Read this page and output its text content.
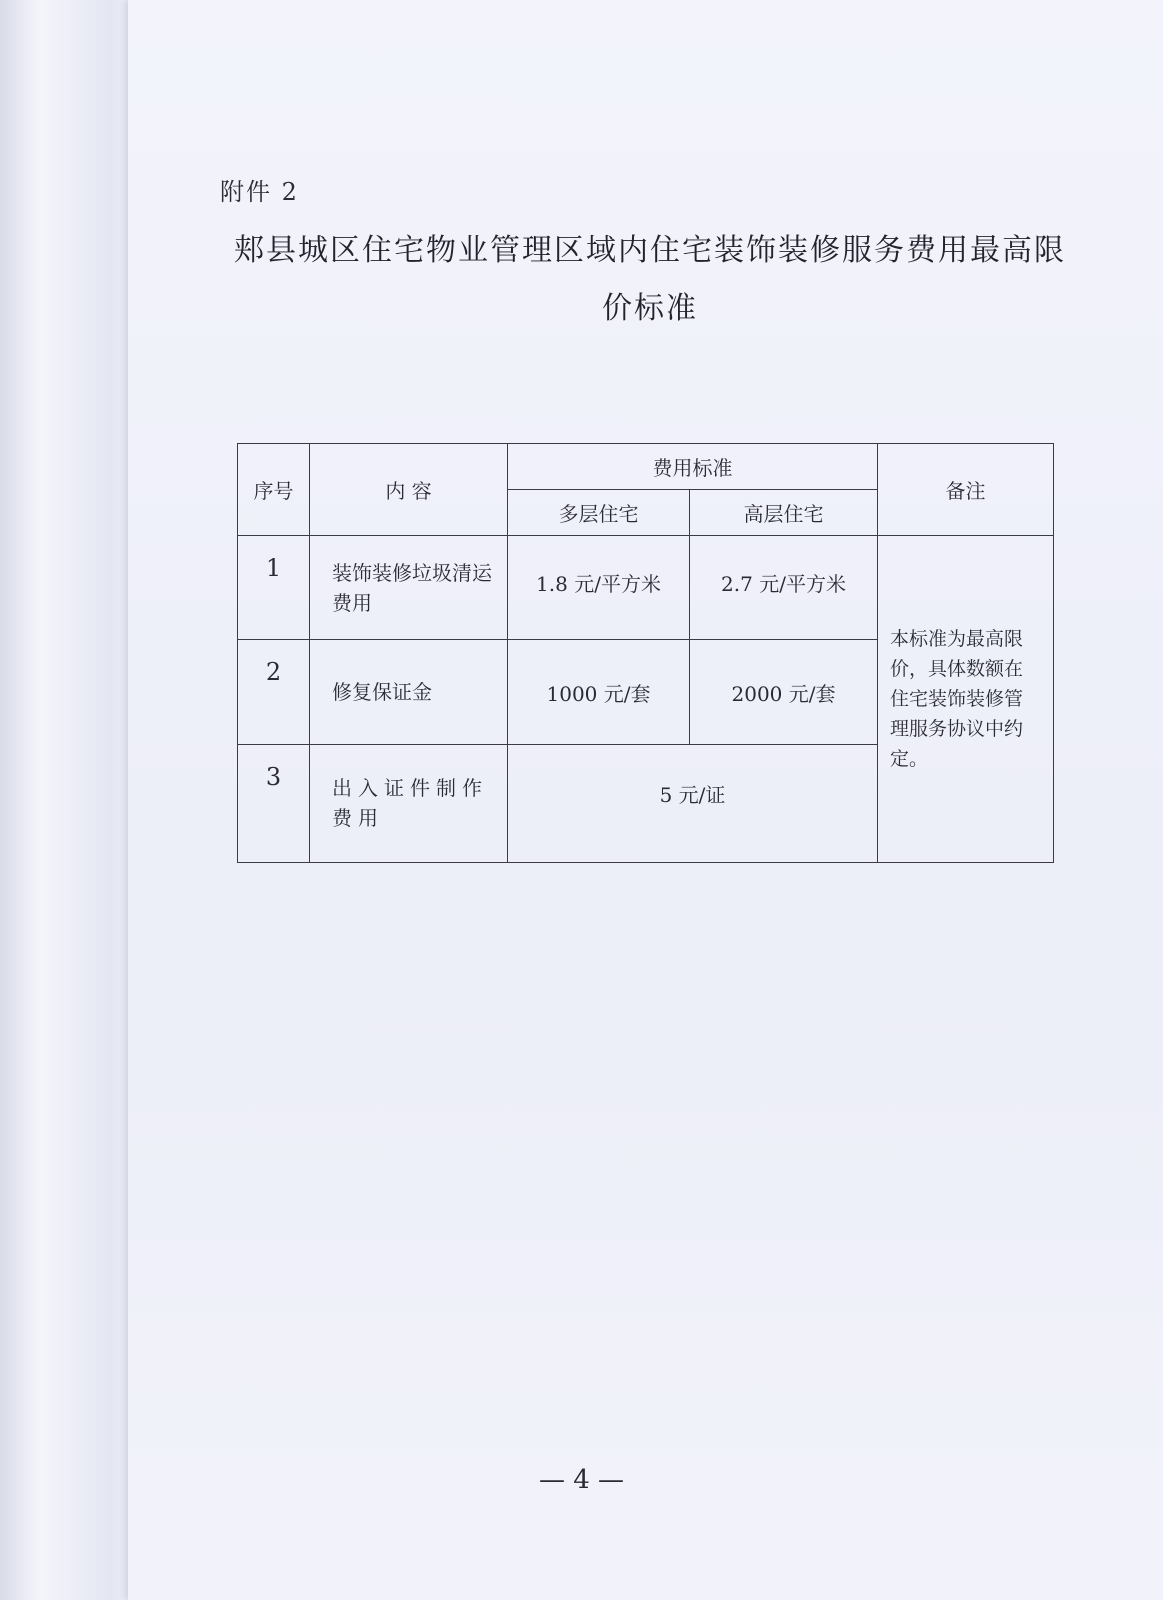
附件 2
郏县城区住宅物业管理区域内住宅装饰装修服务费用最高限价标准
序号	内 容	费用标准		备注
		多层住宅	高层住宅	
1	装饰装修垃圾清运费用	1.8 元/平方米	2.7 元/平方米	本标准为最高限价，具体数额在住宅装饰装修管理服务协议中约定。
2	修复保证金	1000 元/套	2000 元/套	
3	出入证件制作费用	5 元/证		
— 4 —
